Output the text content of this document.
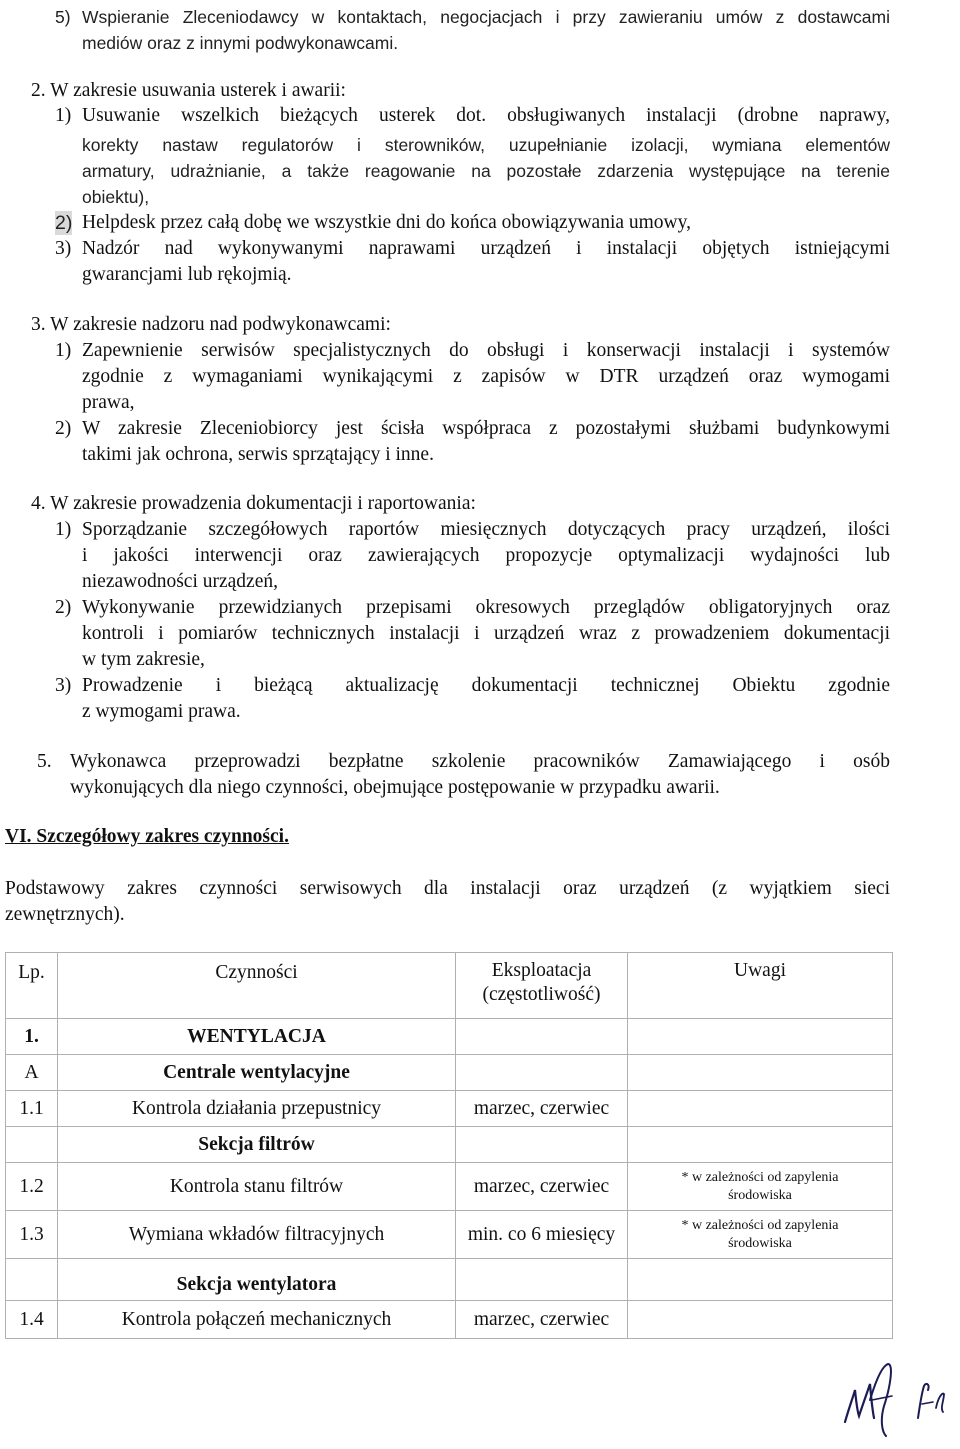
5) Wspieranie Zleceniodawcy w kontaktach, negocjacjach i przy zawieraniu umów z dostawcami
mediów oraz z innymi podwykonawcami.
2. W zakresie usuwania usterek i awarii:
1) Usuwanie wszelkich bieżących usterek dot. obsługiwanych instalacji (drobne naprawy,
korekty nastaw regulatorów i sterowników, uzupełnianie izolacji, wymiana elementów
armatury, udrażnianie, a także reagowanie na pozostałe zdarzenia występujące na terenie
obiektu),
2) Helpdesk przez całą dobę we wszystkie dni do końca obowiązywania umowy,
3) Nadzór nad wykonywanymi naprawami urządzeń i instalacji objętych istniejącymi
gwarancjami lub rękojmią.
3. W zakresie nadzoru nad podwykonawcami:
1) Zapewnienie serwisów specjalistycznych do obsługi i konserwacji instalacji i systemów
zgodnie z wymaganiami wynikającymi z zapisów w DTR urządzeń oraz wymogami
prawa,
2) W zakresie Zleceniobiorcy jest ścisła współpraca z pozostałymi służbami budynkowymi
takimi jak ochrona, serwis sprzątający i inne.
4. W zakresie prowadzenia dokumentacji i raportowania:
1) Sporządzanie szczegółowych raportów miesięcznych dotyczących pracy urządzeń, ilości
i jakości interwencji oraz zawierających propozycje optymalizacji wydajności lub
niezawodności urządzeń,
2) Wykonywanie przewidzianych przepisami okresowych przeglądów obligatoryjnych oraz
kontroli i pomiarów technicznych instalacji i urządzeń wraz z prowadzeniem dokumentacji
w tym zakresie,
3) Prowadzenie i bieżącą aktualizację dokumentacji technicznej Obiektu zgodnie
z wymogami prawa.
5. Wykonawca przeprowadzi bezpłatne szkolenie pracowników Zamawiającego i osób
wykonujących dla niego czynności, obejmujące postępowanie w przypadku awarii.
VI. Szczegółowy zakres czynności.
Podstawowy zakres czynności serwisowych dla instalacji oraz urządzeń (z wyjątkiem sieci
zewnętrznych).
Lp.	Czynności	Eksploatacja
(częstotliwość)	Uwagi
1.	WENTYLACJA		
A	Centrale wentylacyjne		
1.1	Kontrola działania przepustnicy	marzec, czerwiec	
	Sekcja filtrów		
1.2	Kontrola stanu filtrów	marzec, czerwiec	* w zależności od zapylenia
środowiska

1.3	Wymiana wkładów filtracyjnych	min. co 6 miesięcy	* w zależności od zapylenia
środowiska

	Sekcja wentylatora		
1.4	Kontrola połączeń mechanicznych	marzec, czerwiec	
